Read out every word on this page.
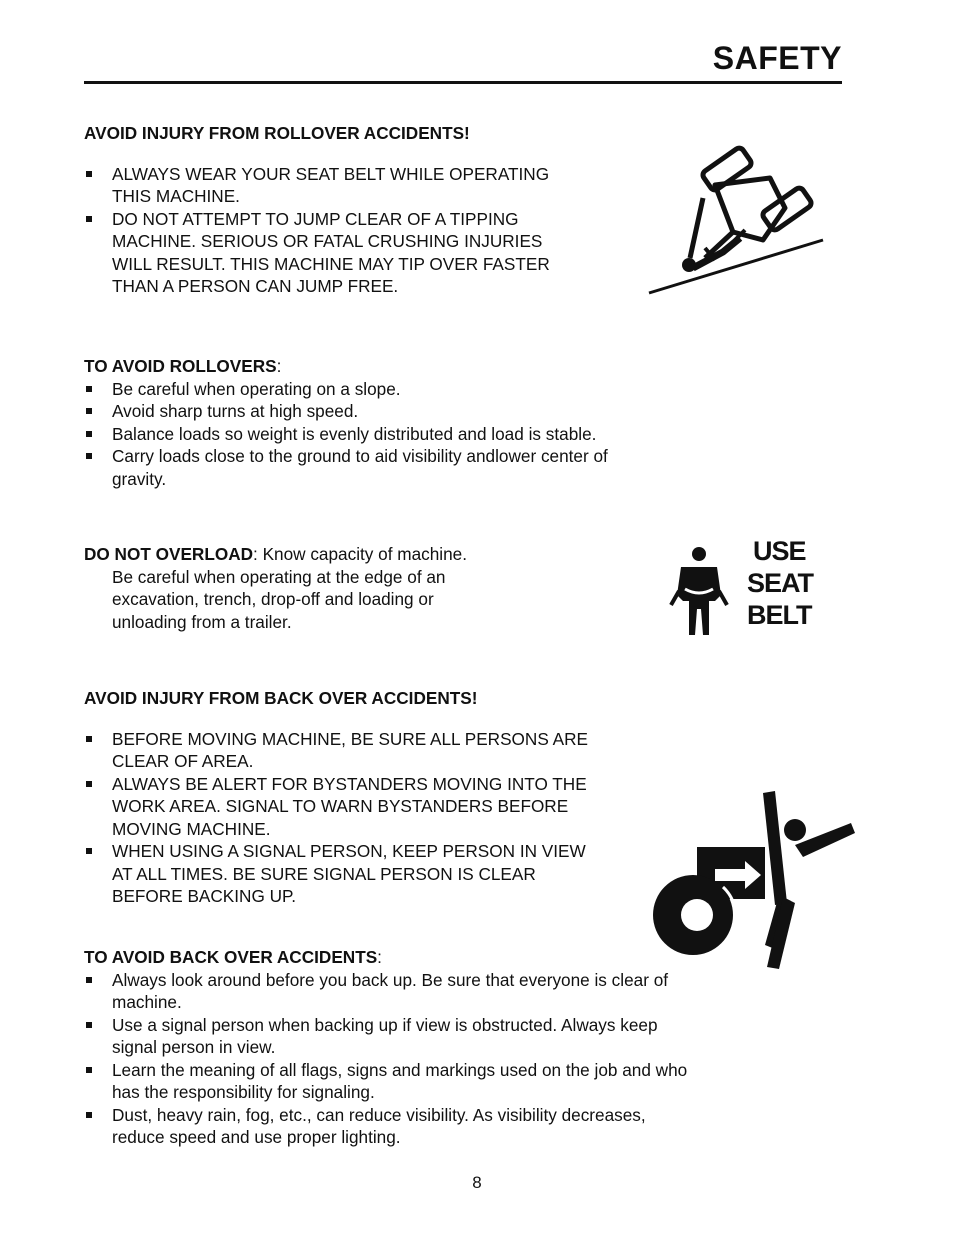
SAFETY
AVOID INJURY FROM ROLLOVER ACCIDENTS!
ALWAYS WEAR YOUR SEAT BELT WHILE OPERATING THIS MACHINE.
DO NOT ATTEMPT TO JUMP CLEAR OF A TIPPING MACHINE. SERIOUS OR FATAL CRUSHING INJURIES WILL RESULT. THIS MACHINE MAY TIP OVER FASTER THAN A PERSON CAN JUMP FREE.
TO AVOID ROLLOVERS:
Be careful when operating on a slope.
Avoid sharp turns at high speed.
Balance loads so weight is evenly distributed and load is stable.
Carry loads close to the ground to aid visibility andlower center of gravity.
DO NOT OVERLOAD: Know capacity of machine.
Be careful when operating at the edge of an excavation, trench, drop-off and loading or unloading from a trailer.
USE
SEAT
BELT
AVOID INJURY FROM BACK OVER ACCIDENTS!
BEFORE MOVING MACHINE, BE SURE ALL PERSONS ARE CLEAR OF AREA.
ALWAYS BE ALERT FOR BYSTANDERS MOVING INTO THE WORK AREA. SIGNAL TO WARN BYSTANDERS BEFORE MOVING MACHINE.
WHEN USING A SIGNAL PERSON, KEEP PERSON IN VIEW AT ALL TIMES. BE SURE SIGNAL PERSON IS CLEAR BEFORE BACKING UP.
TO AVOID BACK OVER ACCIDENTS:
Always look around before you back up. Be sure that everyone is clear of machine.
Use a signal person when backing up if view is obstructed. Always keep signal person in view.
Learn the meaning of all flags, signs and markings used on the job and who has the responsibility for signaling.
Dust, heavy rain, fog, etc., can reduce visibility. As visibility decreases, reduce speed and use proper lighting.
8
